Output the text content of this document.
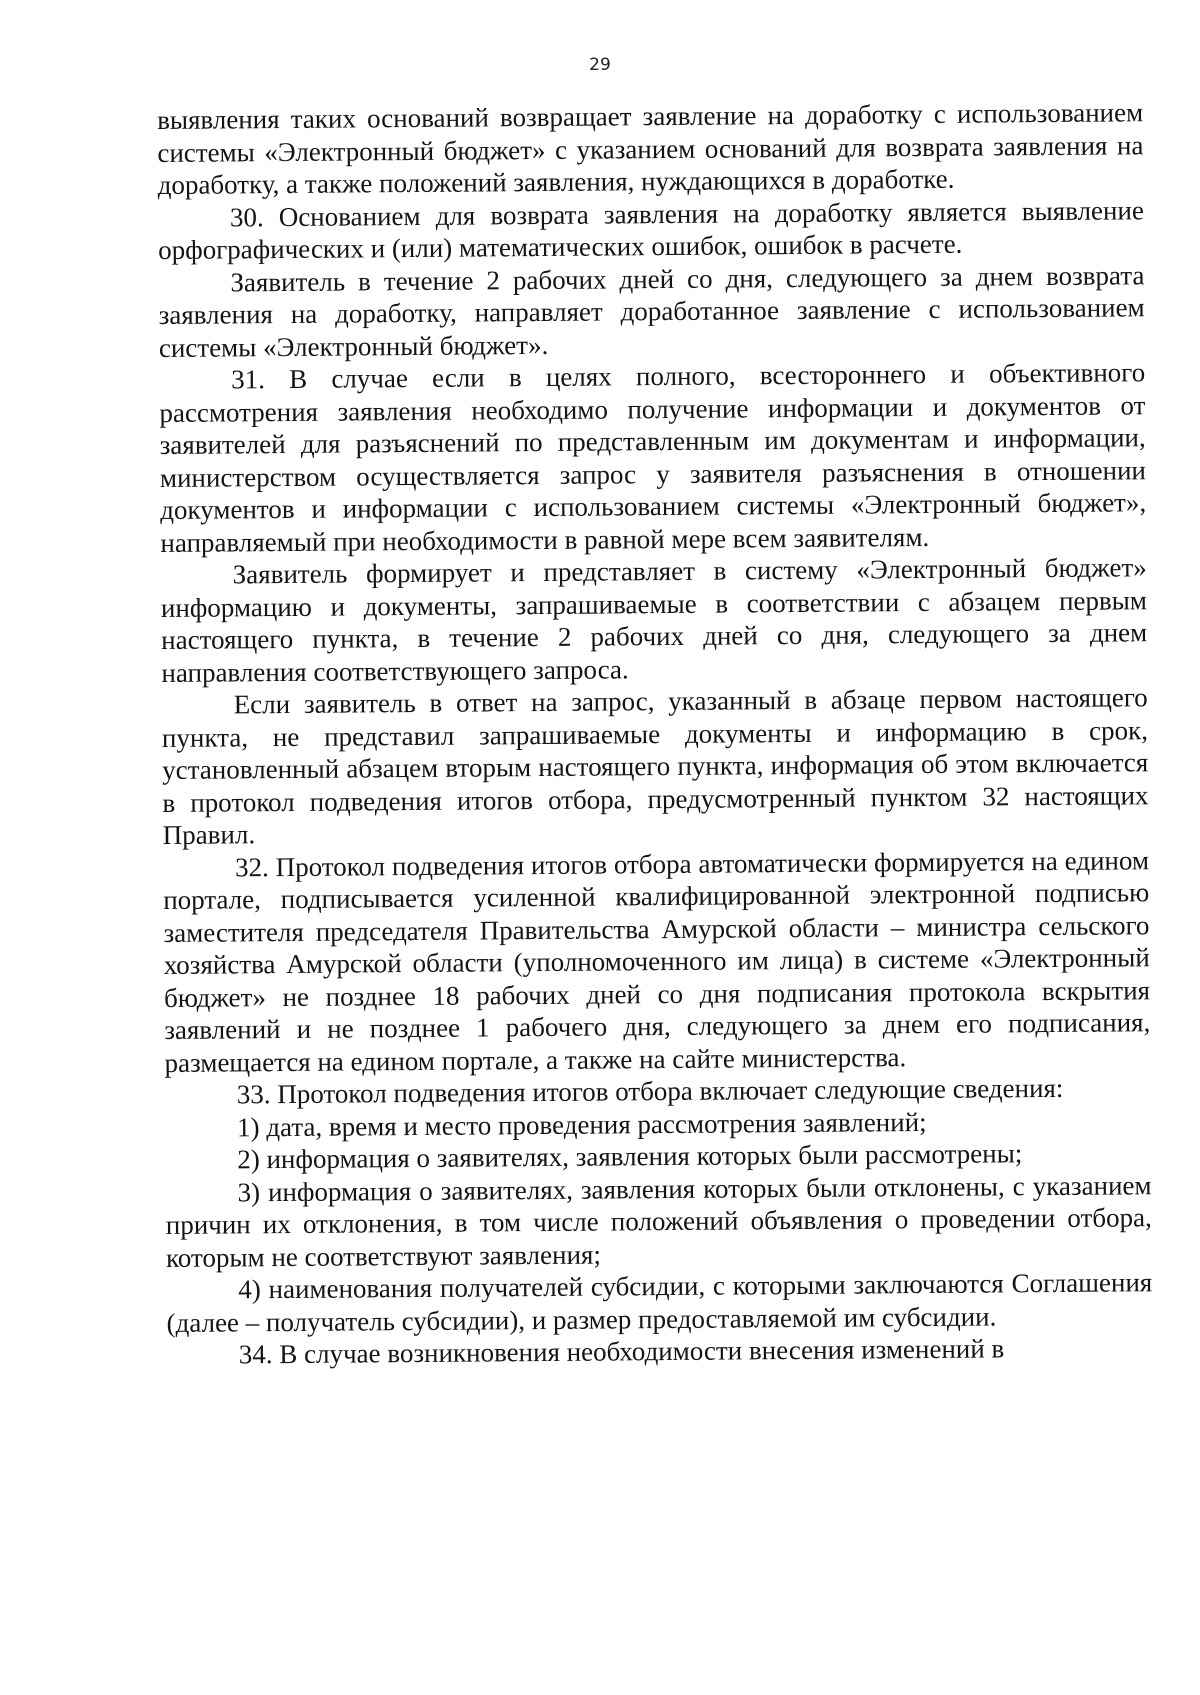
29

выявления таких оснований возвращает заявление на доработку с использованием системы «Электронный бюджет» с указанием оснований для возврата заявления на доработку, а также положений заявления, нуждающихся в доработке.

30. Основанием для возврата заявления на доработку является выявление орфографических и (или) математических ошибок, ошибок в расчете.

Заявитель в течение 2 рабочих дней со дня, следующего за днем возврата заявления на доработку, направляет доработанное заявление с использованием системы «Электронный бюджет».

31. В случае если в целях полного, всестороннего и объективного рассмотрения заявления необходимо получение информации и документов от заявителей для разъяснений по представленным им документам и информации, министерством осуществляется запрос у заявителя разъяснения в отношении документов и информации с использованием системы «Электронный бюджет», направляемый при необходимости в равной мере всем заявителям.

Заявитель формирует и представляет в систему «Электронный бюджет» информацию и документы, запрашиваемые в соответствии с абзацем первым настоящего пункта, в течение 2 рабочих дней со дня, следующего за днем направления соответствующего запроса.

Если заявитель в ответ на запрос, указанный в абзаце первом настоящего пункта, не представил запрашиваемые документы и информацию в срок, установленный абзацем вторым настоящего пункта, информация об этом включается в протокол подведения итогов отбора, предусмотренный пунктом 32 настоящих Правил.

32. Протокол подведения итогов отбора автоматически формируется на едином портале, подписывается усиленной квалифицированной электронной подписью заместителя председателя Правительства Амурской области – министра сельского хозяйства Амурской области (уполномоченного им лица) в системе «Электронный бюджет» не позднее 18 рабочих дней со дня подписания протокола вскрытия заявлений и не позднее 1 рабочего дня, следующего за днем его подписания, размещается на едином портале, а также на сайте министерства.

33. Протокол подведения итогов отбора включает следующие сведения:

1) дата, время и место проведения рассмотрения заявлений;

2) информация о заявителях, заявления которых были рассмотрены;

3) информация о заявителях, заявления которых были отклонены, с указанием причин их отклонения, в том числе положений объявления о проведении отбора, которым не соответствуют заявления;

4) наименования получателей субсидии, с которыми заключаются Соглашения (далее – получатель субсидии), и размер предоставляемой им субсидии.

34. В случае возникновения необходимости внесения изменений в
